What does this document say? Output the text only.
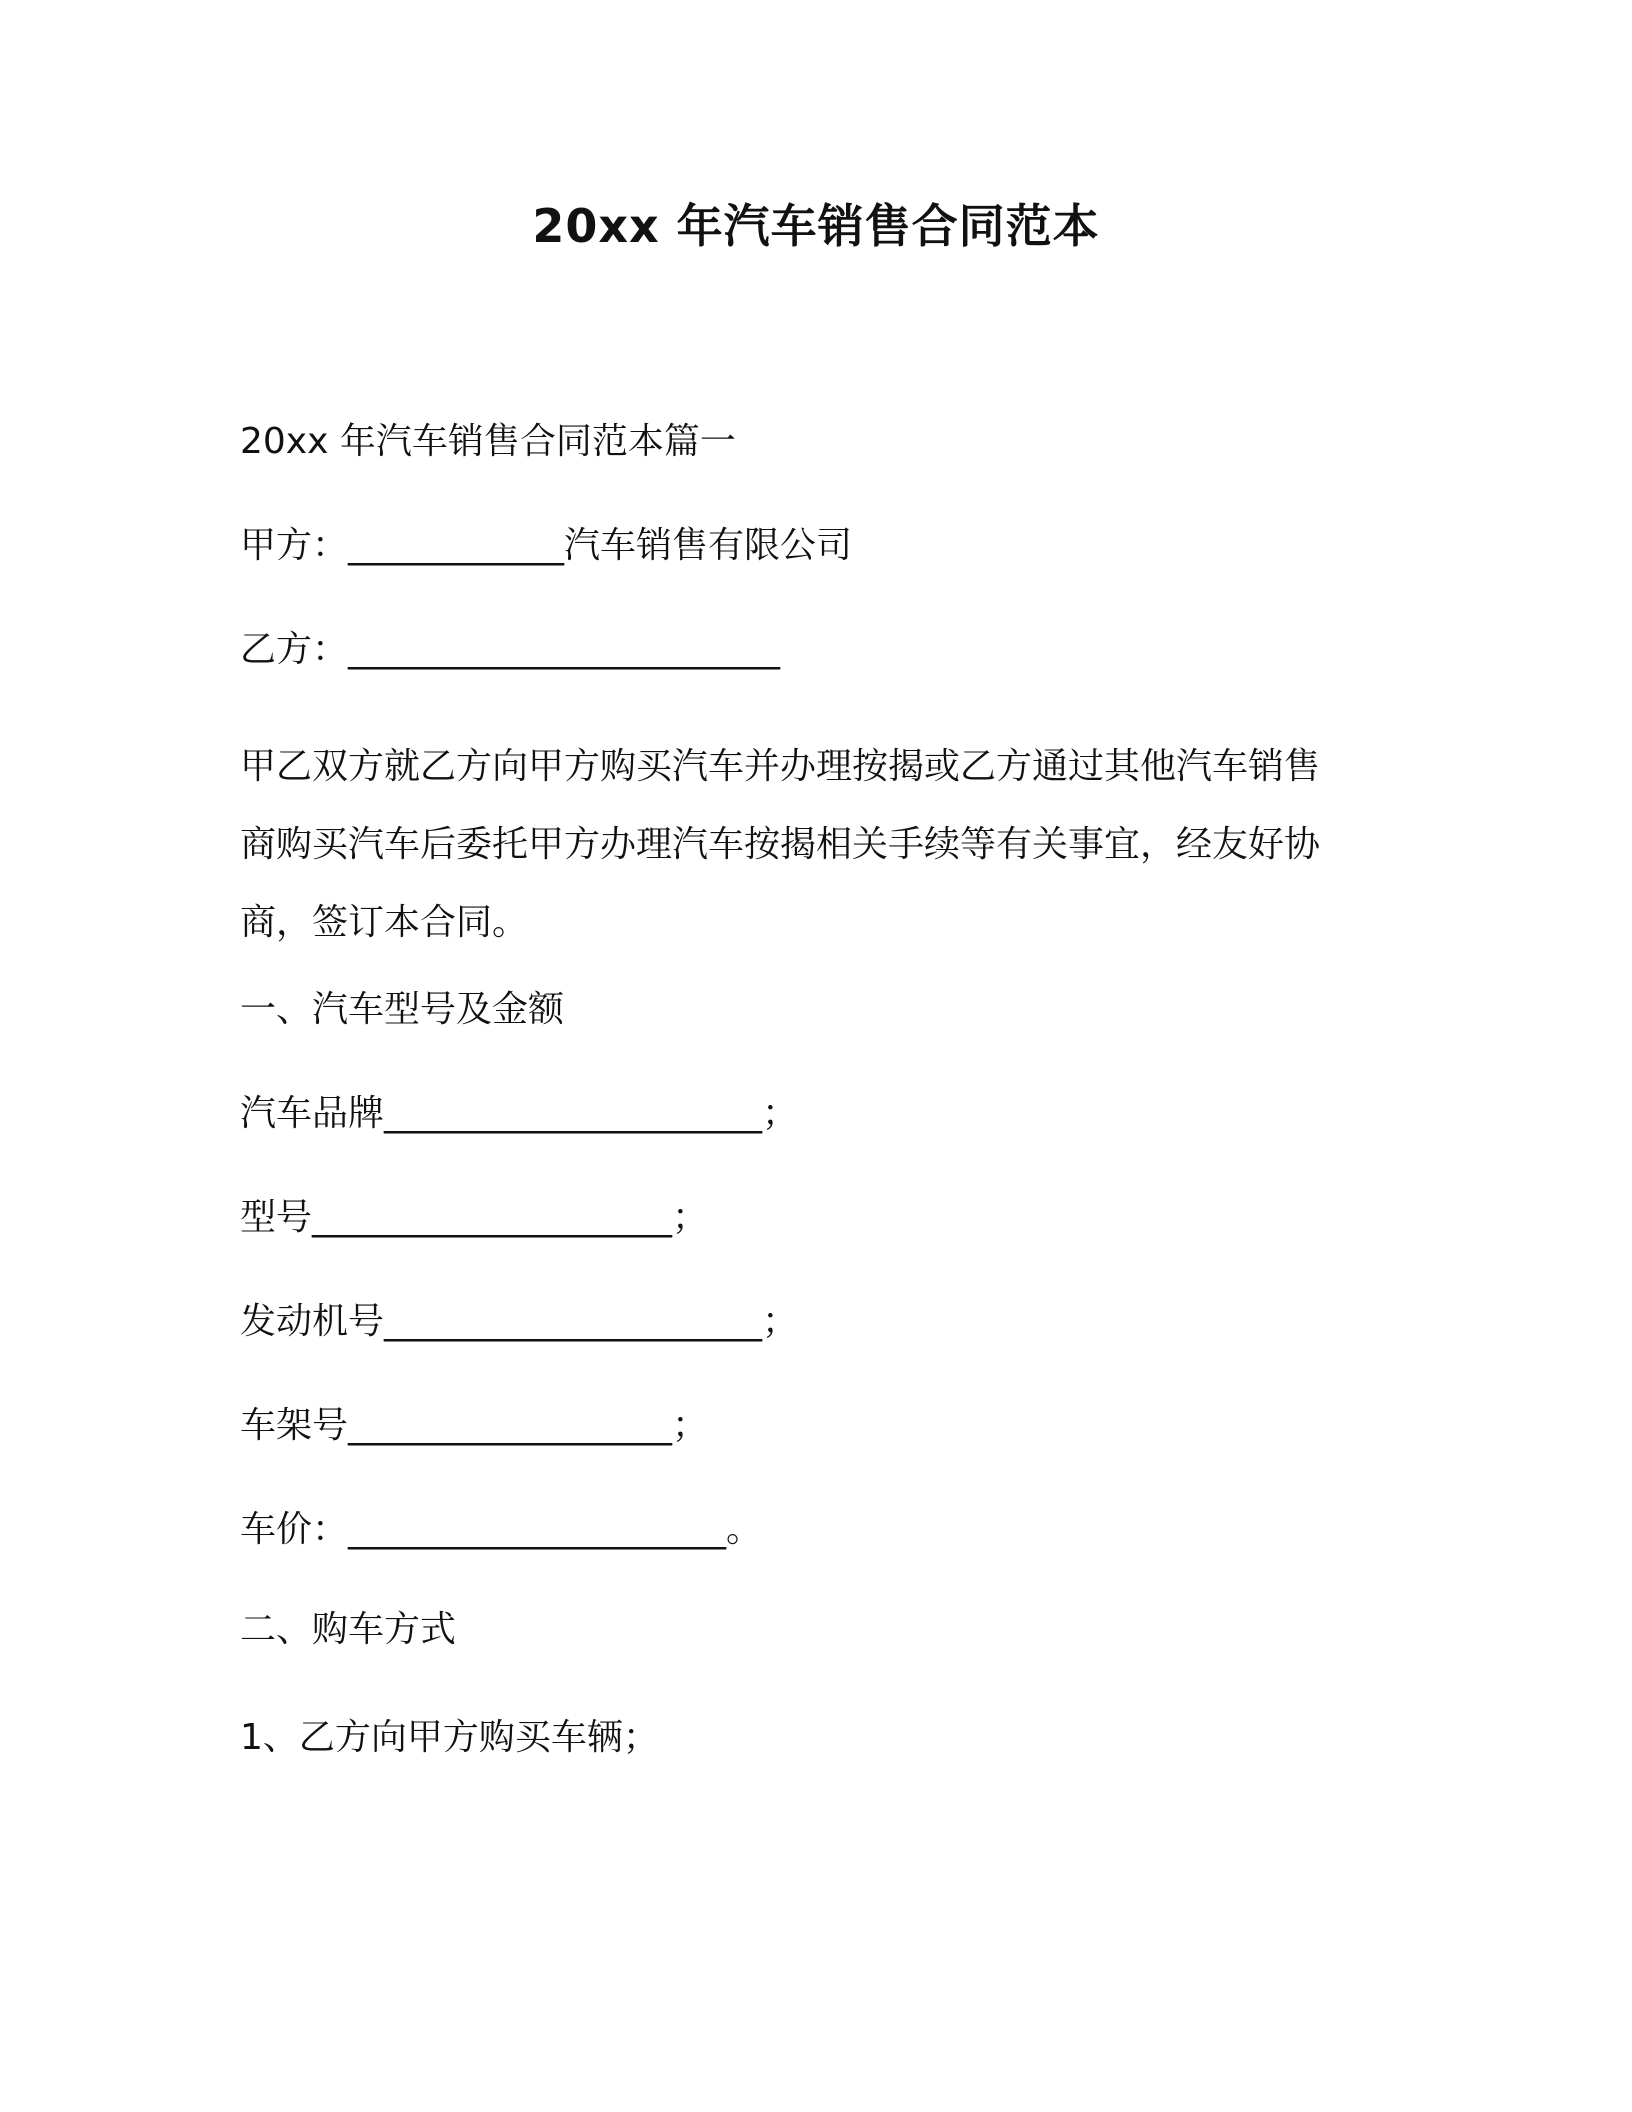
20xx 年汽车销售合同范本
20xx 年汽车销售合同范本篇一
甲方：____________汽车销售有限公司
乙方：________________________
甲乙双方就乙方向甲方购买汽车并办理按揭或乙方通过其他汽车销售
商购买汽车后委托甲方办理汽车按揭相关手续等有关事宜，经友好协
商，签订本合同。
一、汽车型号及金额
汽车品牌_____________________；
型号____________________；
发动机号_____________________；
车架号__________________；
车价：_____________________。
二、购车方式
1、乙方向甲方购买车辆；
